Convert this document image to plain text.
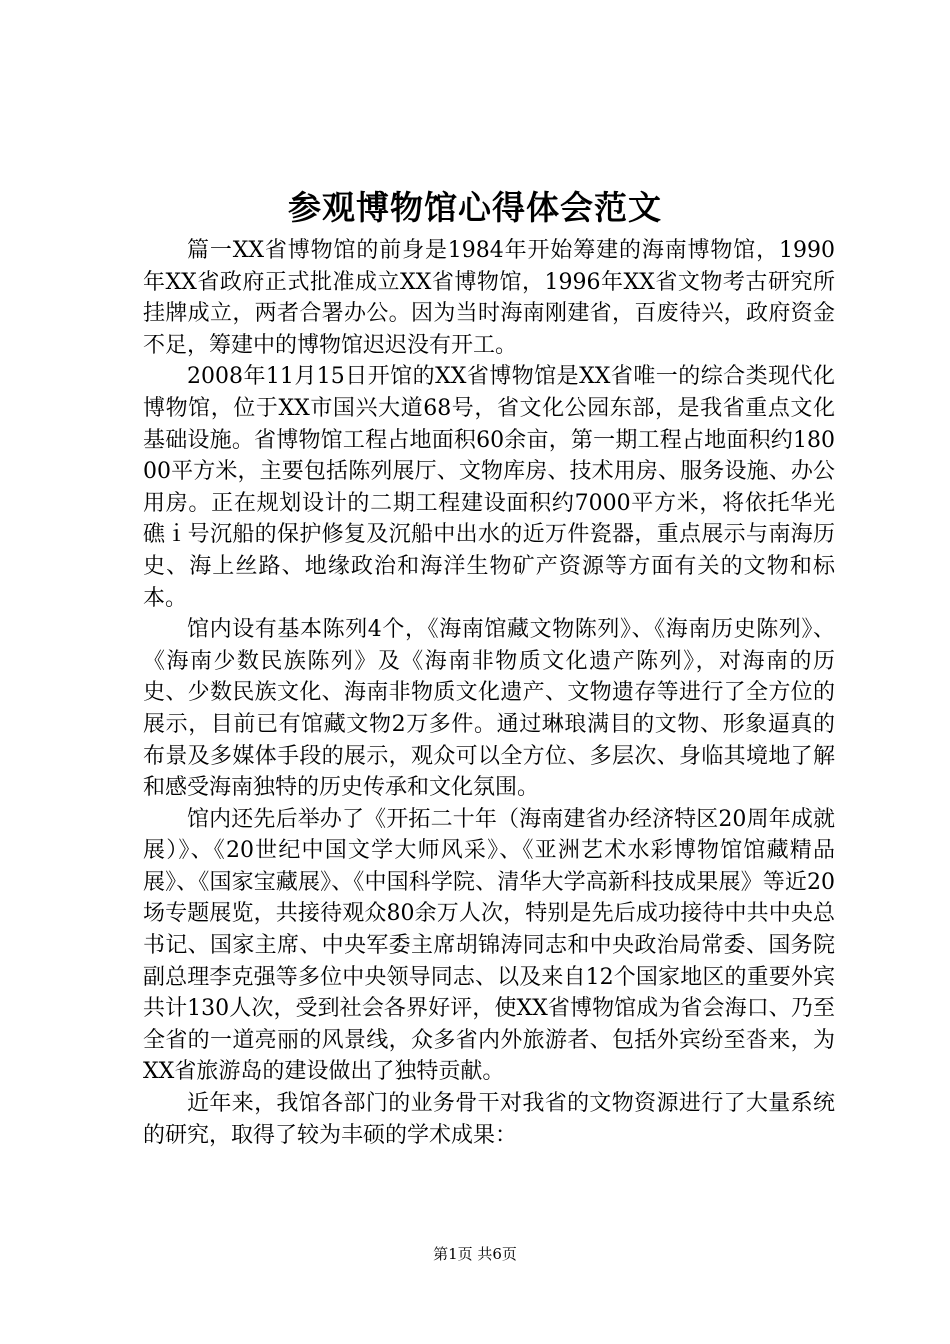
参观博物馆心得体会范文

篇一XX省博物馆的前身是1984年开始筹建的海南博物馆，1990年XX省政府正式批准成立XX省博物馆，1996年XX省文物考古研究所挂牌成立，两者合署办公。因为当时海南刚建省，百废待兴，政府资金不足，筹建中的博物馆迟迟没有开工。

2008年11月15日开馆的XX省博物馆是XX省唯一的综合类现代化博物馆，位于XX市国兴大道68号，省文化公园东部，是我省重点文化基础设施。省博物馆工程占地面积60余亩，第一期工程占地面积约18000平方米，主要包括陈列展厅、文物库房、技术用房、服务设施、办公用房。正在规划设计的二期工程建设面积约7000平方米，将依托华光礁ｉ号沉船的保护修复及沉船中出水的近万件瓷器，重点展示与南海历史、海上丝路、地缘政治和海洋生物矿产资源等方面有关的文物和标本。

馆内设有基本陈列4个，《海南馆藏文物陈列》、《海南历史陈列》、《海南少数民族陈列》及《海南非物质文化遗产陈列》，对海南的历史、少数民族文化、海南非物质文化遗产、文物遗存等进行了全方位的展示，目前已有馆藏文物2万多件。通过琳琅满目的文物、形象逼真的布景及多媒体手段的展示，观众可以全方位、多层次、身临其境地了解和感受海南独特的历史传承和文化氛围。

馆内还先后举办了《开拓二十年（海南建省办经济特区20周年成就展）》、《20世纪中国文学大师风采》、《亚洲艺术水彩博物馆馆藏精品展》、《国家宝藏展》、《中国科学院、清华大学高新科技成果展》等近20场专题展览，共接待观众80余万人次，特别是先后成功接待中共中央总书记、国家主席、中央军委主席胡锦涛同志和中央政治局常委、国务院副总理李克强等多位中央领导同志、以及来自12个国家地区的重要外宾共计130人次，受到社会各界好评，使XX省博物馆成为省会海口、乃至全省的一道亮丽的风景线，众多省内外旅游者、包括外宾纷至沓来，为XX省旅游岛的建设做出了独特贡献。

近年来，我馆各部门的业务骨干对我省的文物资源进行了大量系统的研究，取得了较为丰硕的学术成果：

第1页 共6页
